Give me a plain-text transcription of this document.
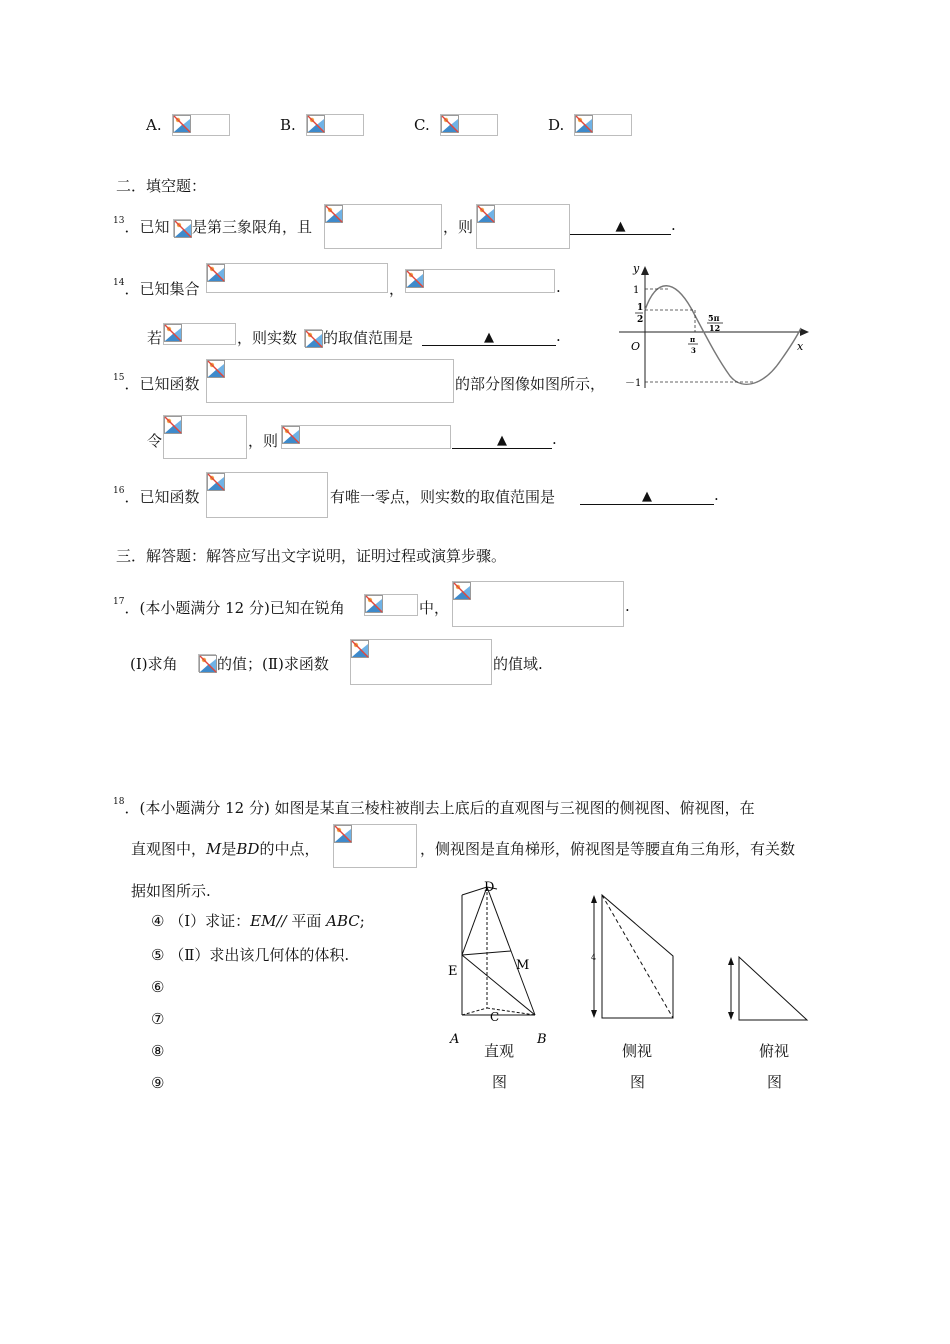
A.	B.	C.	D.
二．填空题：
$^{13}$．已知 是第三象限角，且	，则	▲	.
$^{14}$．已知集合	，	.
若	，则实数 的取值范围是	▲	.
$^{15}$．已知函数	的部分图像如图所示，
令	，则	▲	.
y
x
O
1
1
2
－1
π
3
5π
12
$^{16}$．已知函数	有唯一零点，则实数的取值范围是	▲	.
三．解答题：解答应写出文字说明，证明过程或演算步骤。
$^{17}$．(本小题满分 12 分)已知在锐角	中，	.
(Ⅰ)求角	的值；(Ⅱ)求函数	的值域.
$^{18}$．(本小题满分 12 分) 如图是某直三棱柱被削去上底后的直观图与三视图的侧视图、俯视图，在
直观图中，M是BD的中点，	，侧视图是直角梯形，俯视图是等腰直角三角形，有关数
据如图所示.
④ （Ⅰ）求证：EM// 平面 ABC;
⑤ （Ⅱ）求出该几何体的体积.
⑥
⑦
⑧
⑨
D
E	M
C
A	B
4
直观
图
侧视
图
俯视
图
